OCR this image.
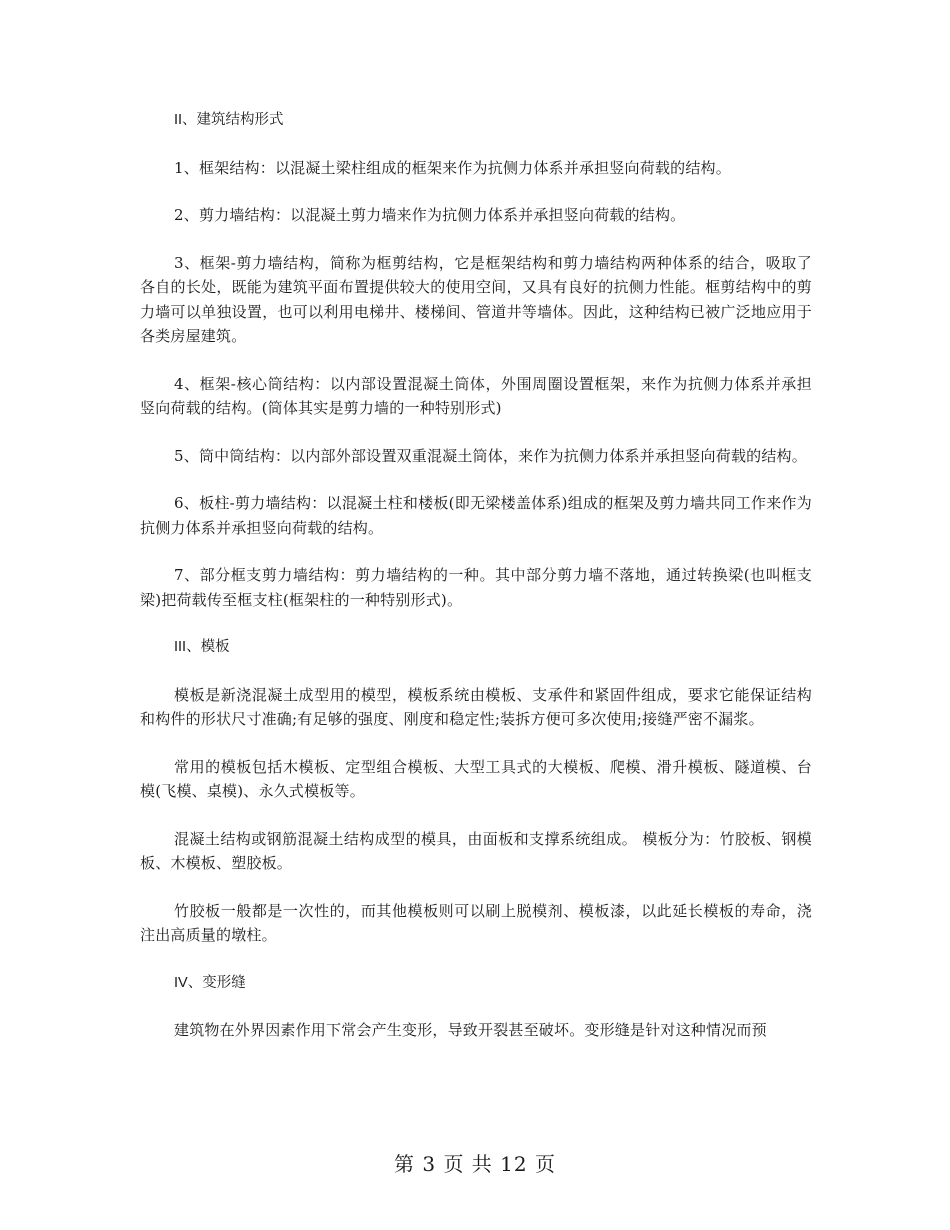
II、建筑结构形式

1、框架结构：以混凝土梁柱组成的框架来作为抗侧力体系并承担竖向荷载的结构。

2、剪力墙结构：以混凝土剪力墙来作为抗侧力体系并承担竖向荷载的结构。

3、框架-剪力墙结构，简称为框剪结构，它是框架结构和剪力墙结构两种体系的结合，吸取了各自的长处，既能为建筑平面布置提供较大的使用空间，又具有良好的抗侧力性能。框剪结构中的剪力墙可以单独设置，也可以利用电梯井、楼梯间、管道井等墙体。因此，这种结构已被广泛地应用于各类房屋建筑。

4、框架-核心筒结构：以内部设置混凝土筒体，外围周圈设置框架，来作为抗侧力体系并承担竖向荷载的结构。(筒体其实是剪力墙的一种特别形式)

5、筒中筒结构：以内部外部设置双重混凝土筒体，来作为抗侧力体系并承担竖向荷载的结构。

6、板柱-剪力墙结构：以混凝土柱和楼板(即无梁楼盖体系)组成的框架及剪力墙共同工作来作为抗侧力体系并承担竖向荷载的结构。

7、部分框支剪力墙结构：剪力墙结构的一种。其中部分剪力墙不落地，通过转换梁(也叫框支梁)把荷载传至框支柱(框架柱的一种特别形式)。

III、模板

模板是新浇混凝土成型用的模型，模板系统由模板、支承件和紧固件组成，要求它能保证结构和构件的形状尺寸准确;有足够的强度、刚度和稳定性;装拆方便可多次使用;接缝严密不漏浆。

常用的模板包括木模板、定型组合模板、大型工具式的大模板、爬模、滑升模板、隧道模、台模(飞模、桌模)、永久式模板等。

混凝土结构或钢筋混凝土结构成型的模具，由面板和支撑系统组成。 模板分为：竹胶板、钢模板、木模板、塑胶板。

竹胶板一般都是一次性的，而其他模板则可以刷上脱模剂、模板漆，以此延长模板的寿命，浇注出高质量的墩柱。

IV、变形缝

建筑物在外界因素作用下常会产生变形，导致开裂甚至破坏。变形缝是针对这种情况而预

第 3 页 共 12 页
